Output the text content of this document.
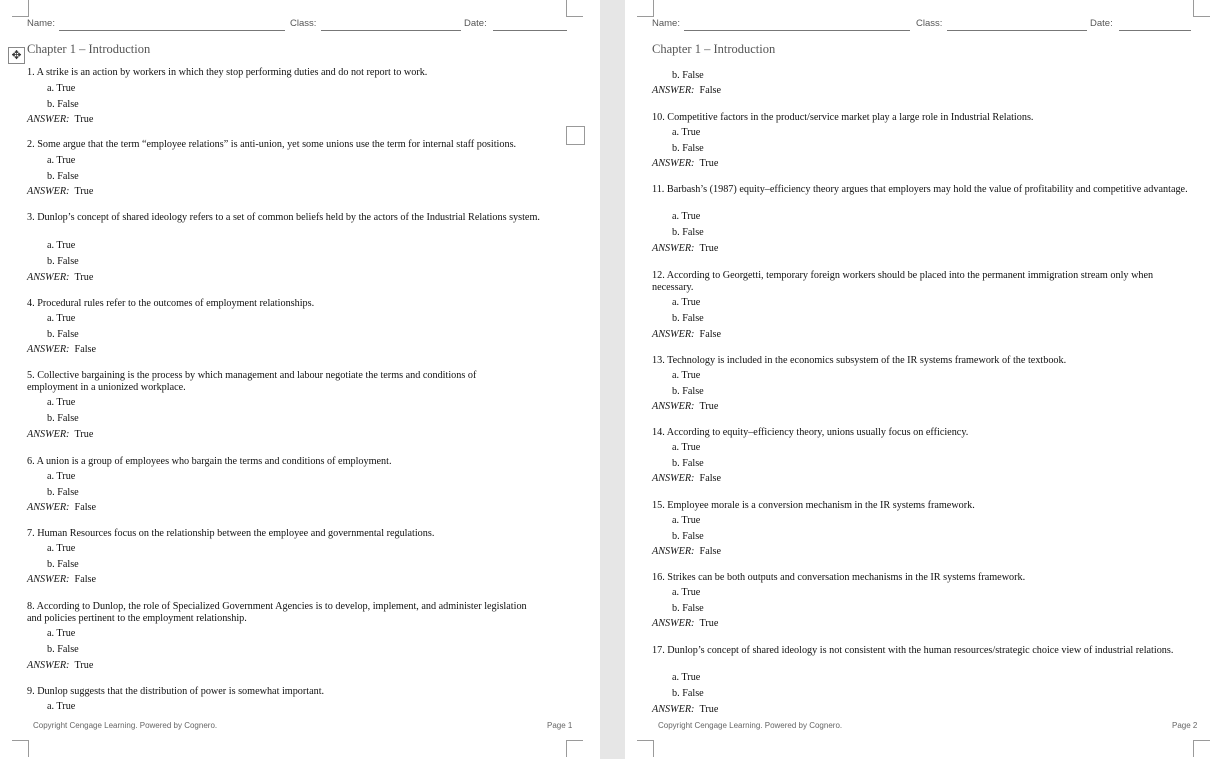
Name:	Class:	Date:
✥ Chapter 1 – Introduction
1. A strike is an action by workers in which they stop performing duties and do not report to work.
a. True
b. False
ANSWER: True
2. Some argue that the term “employee relations” is anti-union, yet some unions use the term for internal staff positions.
a. True
b. False
ANSWER: True
3. Dunlop’s concept of shared ideology refers to a set of common beliefs held by the actors of the Industrial Relations system.
a. True
b. False
ANSWER: True
4. Procedural rules refer to the outcomes of employment relationships.
a. True
b. False
ANSWER: False
5. Collective bargaining is the process by which management and labour negotiate the terms and conditions of employment in a unionized workplace.
a. True
b. False
ANSWER: True
6. A union is a group of employees who bargain the terms and conditions of employment.
a. True
b. False
ANSWER: False
7. Human Resources focus on the relationship between the employee and governmental regulations.
a. True
b. False
ANSWER: False
8. According to Dunlop, the role of Specialized Government Agencies is to develop, implement, and administer legislation and policies pertinent to the employment relationship.
a. True
b. False
ANSWER: True
9. Dunlop suggests that the distribution of power is somewhat important.
a. True
Copyright Cengage Learning. Powered by Cognero.	Page 1
Name:	Class:	Date:
Chapter 1 – Introduction
b. False
ANSWER: False
10. Competitive factors in the product/service market play a large role in Industrial Relations.
a. True
b. False
ANSWER: True
11. Barbash’s (1987) equity–efficiency theory argues that employers may hold the value of profitability and competitive advantage.
a. True
b. False
ANSWER: True
12. According to Georgetti, temporary foreign workers should be placed into the permanent immigration stream only when necessary.
a. True
b. False
ANSWER: False
13. Technology is included in the economics subsystem of the IR systems framework of the textbook.
a. True
b. False
ANSWER: True
14. According to equity–efficiency theory, unions usually focus on efficiency.
a. True
b. False
ANSWER: False
15. Employee morale is a conversion mechanism in the IR systems framework.
a. True
b. False
ANSWER: False
16. Strikes can be both outputs and conversation mechanisms in the IR systems framework.
a. True
b. False
ANSWER: True
17. Dunlop’s concept of shared ideology is not consistent with the human resources/strategic choice view of industrial relations.
a. True
b. False
ANSWER: True
Copyright Cengage Learning. Powered by Cognero.	Page 2
